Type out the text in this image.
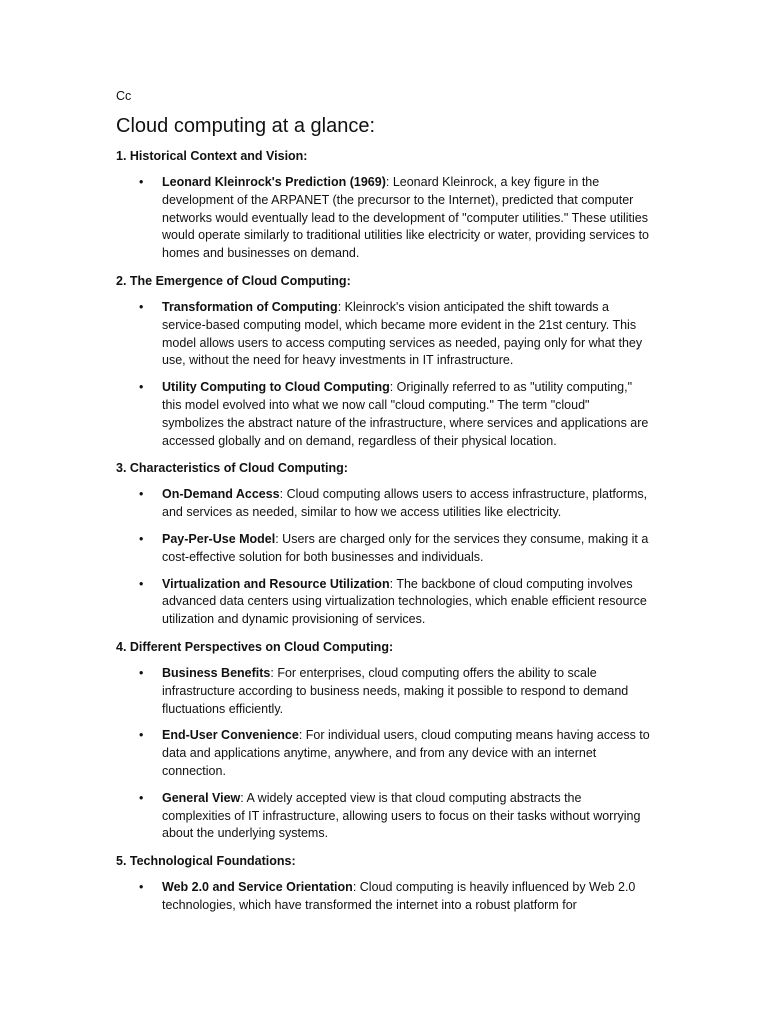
Cc
Cloud computing at a glance:
1. Historical Context and Vision:
• Leonard Kleinrock's Prediction (1969): Leonard Kleinrock, a key figure in the development of the ARPANET (the precursor to the Internet), predicted that computer networks would eventually lead to the development of "computer utilities." These utilities would operate similarly to traditional utilities like electricity or water, providing services to homes and businesses on demand.
2. The Emergence of Cloud Computing:
• Transformation of Computing: Kleinrock's vision anticipated the shift towards a service-based computing model, which became more evident in the 21st century. This model allows users to access computing services as needed, paying only for what they use, without the need for heavy investments in IT infrastructure.
• Utility Computing to Cloud Computing: Originally referred to as "utility computing," this model evolved into what we now call "cloud computing." The term "cloud" symbolizes the abstract nature of the infrastructure, where services and applications are accessed globally and on demand, regardless of their physical location.
3. Characteristics of Cloud Computing:
• On-Demand Access: Cloud computing allows users to access infrastructure, platforms, and services as needed, similar to how we access utilities like electricity.
• Pay-Per-Use Model: Users are charged only for the services they consume, making it a cost-effective solution for both businesses and individuals.
• Virtualization and Resource Utilization: The backbone of cloud computing involves advanced data centers using virtualization technologies, which enable efficient resource utilization and dynamic provisioning of services.
4. Different Perspectives on Cloud Computing:
• Business Benefits: For enterprises, cloud computing offers the ability to scale infrastructure according to business needs, making it possible to respond to demand fluctuations efficiently.
• End-User Convenience: For individual users, cloud computing means having access to data and applications anytime, anywhere, and from any device with an internet connection.
• General View: A widely accepted view is that cloud computing abstracts the complexities of IT infrastructure, allowing users to focus on their tasks without worrying about the underlying systems.
5. Technological Foundations:
• Web 2.0 and Service Orientation: Cloud computing is heavily influenced by Web 2.0 technologies, which have transformed the internet into a robust platform for
